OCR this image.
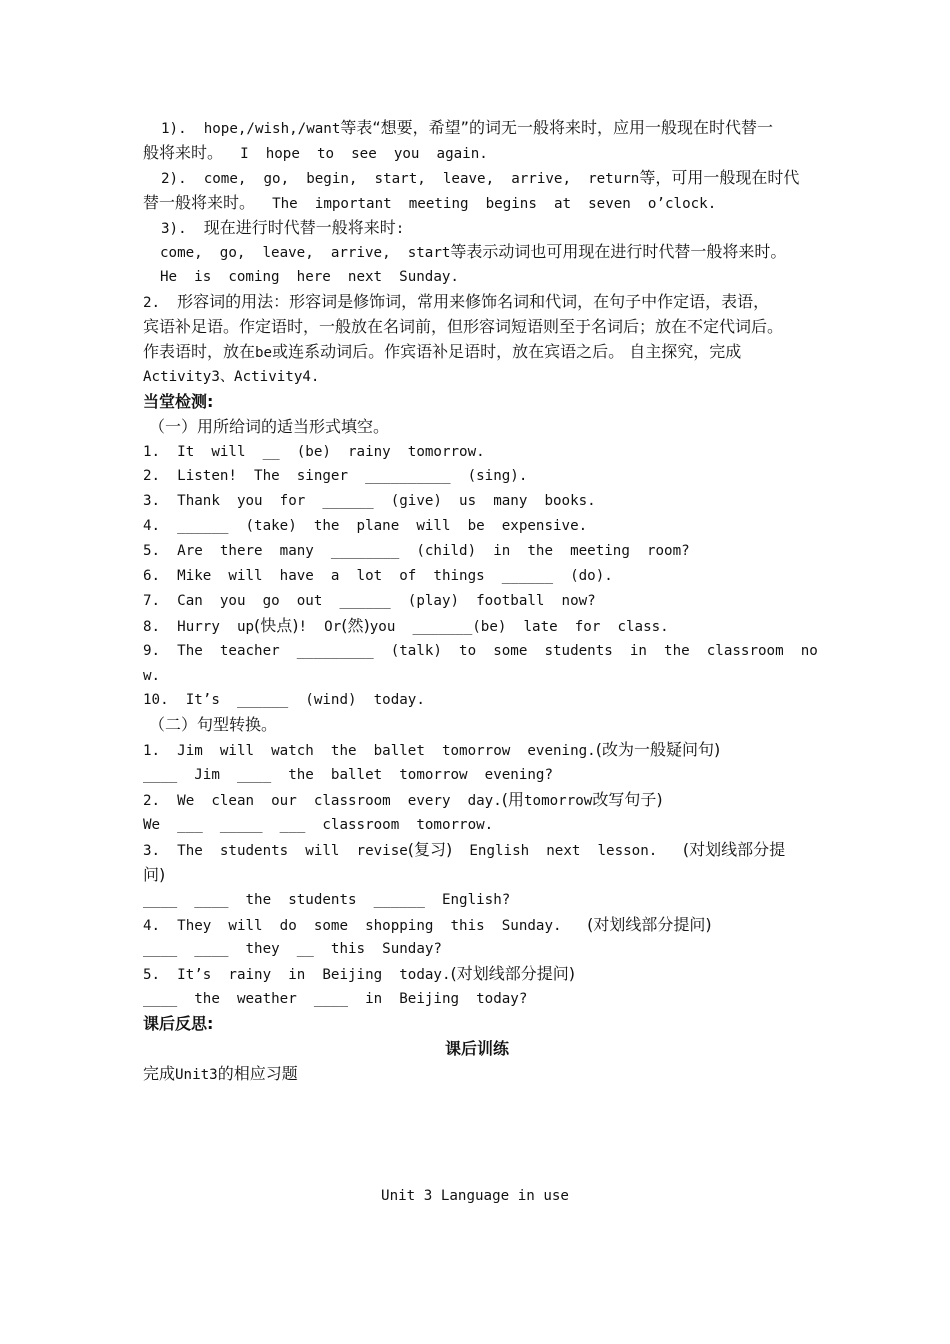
1).  hope,/wish,/want等表“想要，希望”的词无一般将来时，应用一般现在时代替一
般将来时。  I  hope  to  see  you  again.
2).  come,  go,  begin,  start,  leave,  arrive,  return等，可用一般现在时代
替一般将来时。  The  important  meeting  begins  at  seven  o’clock.
3).  现在进行时代替一般将来时:
come,  go,  leave,  arrive,  start等表示动词也可用现在进行时代替一般将来时。
He  is  coming  here  next  Sunday.
2.  形容词的用法：形容词是修饰词，常用来修饰名词和代词，在句子中作定语，表语，
宾语补足语。作定语时，一般放在名词前，但形容词短语则至于名词后；放在不定代词后。
作表语时，放在be或连系动词后。作宾语补足语时，放在宾语之后。 自主探究，完成
Activity3、Activity4.
当堂检测:
（一）用所给词的适当形式填空。
1.  It  will  __  (be)  rainy  tomorrow.
2.  Listen!  The  singer  __________  (sing).
3.  Thank  you  for  ______  (give)  us  many  books.
4.  ______  (take)  the  plane  will  be  expensive.
5.  Are  there  many  ________  (child)  in  the  meeting  room?
6.  Mike  will  have  a  lot  of  things  ______  (do).
7.  Can  you  go  out  ______  (play)  football  now?
8.  Hurry  up(快点)!  Or(然)you  _______(be)  late  for  class.
9.  The  teacher  _________  (talk)  to  some  students  in  the  classroom  no
w.
10.  It’s  ______  (wind)  today.
（二）句型转换。
1.  Jim  will  watch  the  ballet  tomorrow  evening.(改为一般疑问句)
____  Jim  ____  the  ballet  tomorrow  evening?
2.  We  clean  our  classroom  every  day.(用tomorrow改写句子)
We  ___  _____  ___  classroom  tomorrow.
3.  The  students  will  revise(复习)  English  next  lesson.   (对划线部分提
问)
____  ____  the  students  ______  English?
4.  They  will  do  some  shopping  this  Sunday.   (对划线部分提问)
____  ____  they  __  this  Sunday?
5.  It’s  rainy  in  Beijing  today.(对划线部分提问)
____  the  weather  ____  in  Beijing  today?
课后反思:
课后训练
完成Unit3的相应习题
Unit 3 Language in use
